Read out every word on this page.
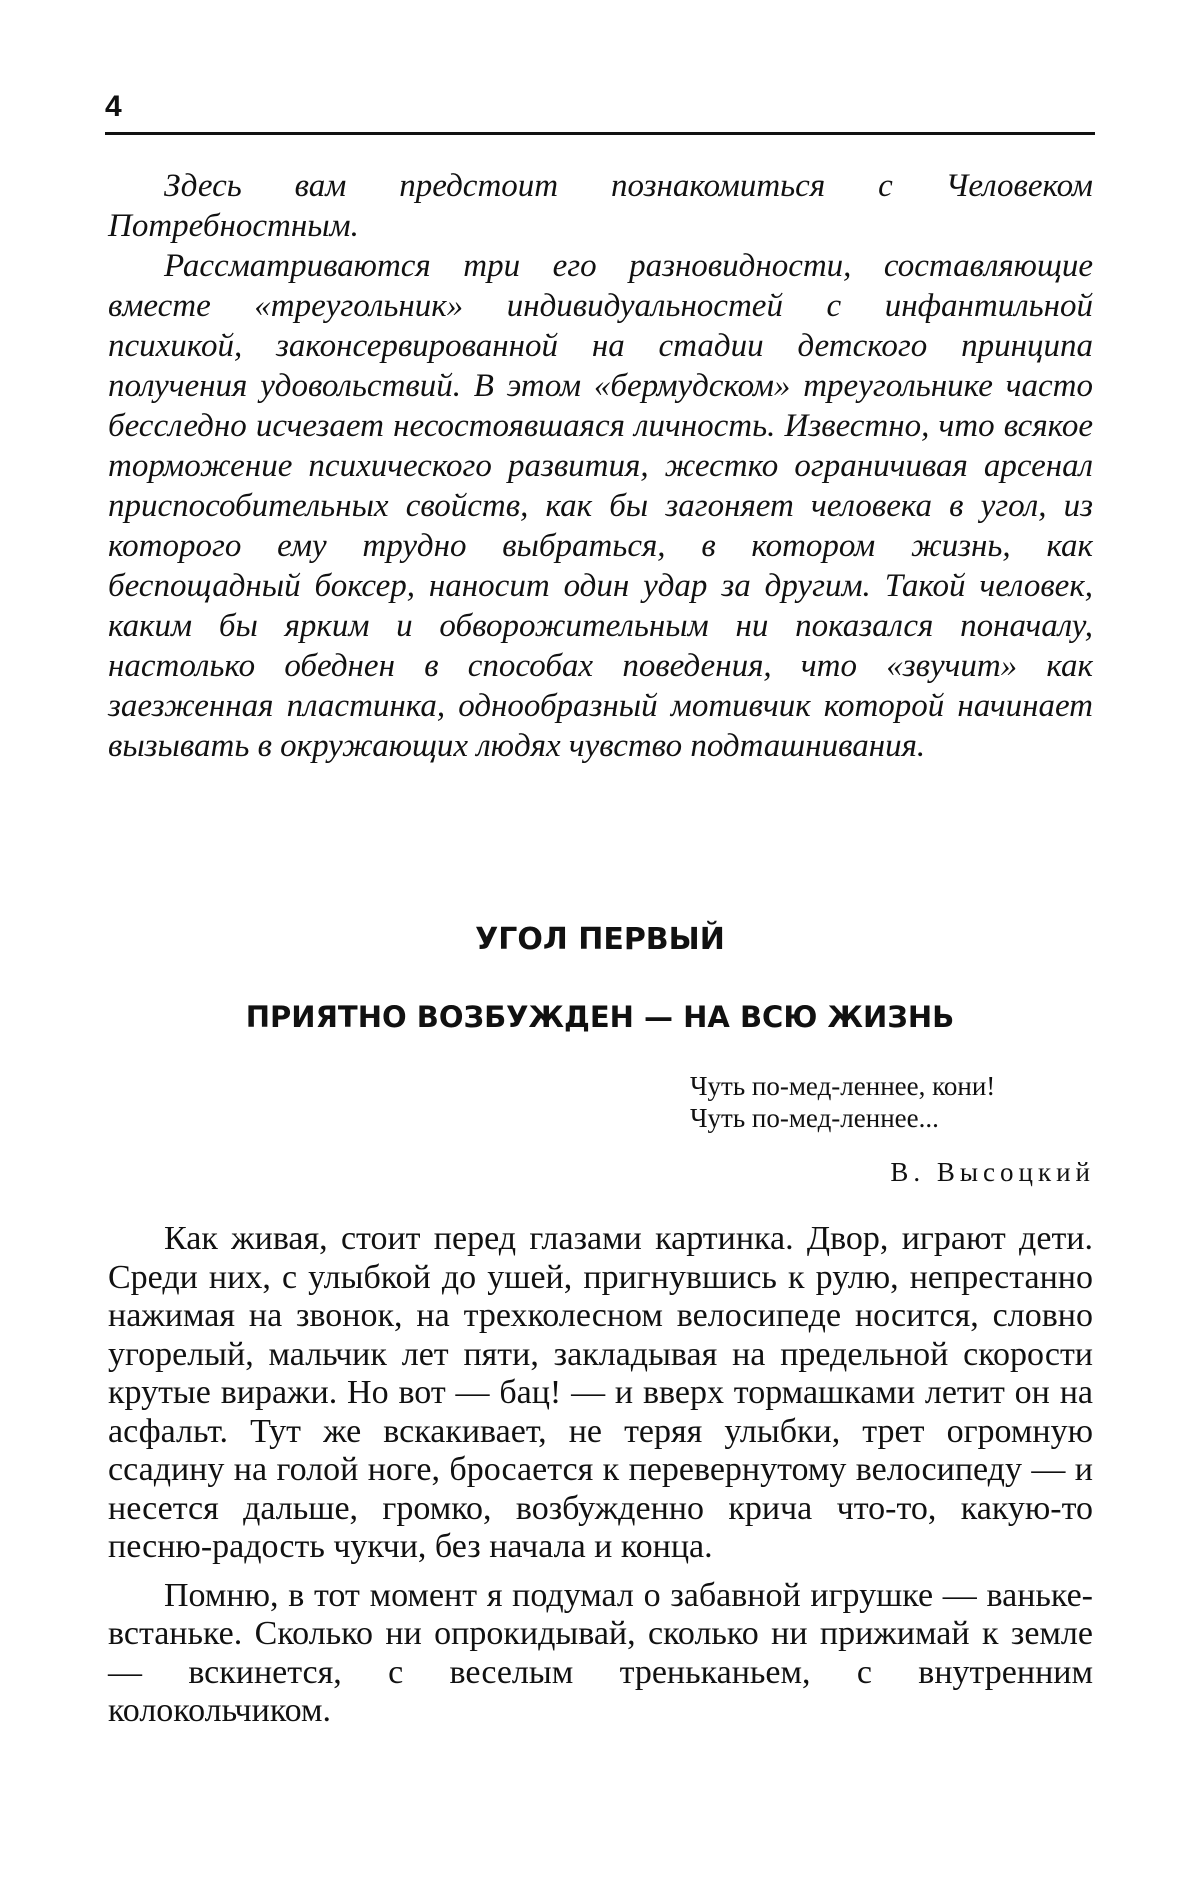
4

Здесь вам предстоит познакомиться с Человеком Потребностным.

Рассматриваются три его разновидности, составляющие вместе «треугольник» индивидуальностей с инфантильной психикой, законсервированной на стадии детского принципа получения удовольствий. В этом «бермудском» треугольнике часто бесследно исчезает несостоявшаяся личность. Известно, что всякое торможение психического развития, жестко ограничивая арсенал приспособительных свойств, как бы загоняет человека в угол, из которого ему трудно выбраться, в котором жизнь, как беспощадный боксер, наносит один удар за другим. Такой человек, каким бы ярким и обворожительным ни показался поначалу, настолько обеднен в способах поведения, что «звучит» как заезженная пластинка, однообразный мотивчик которой начинает вызывать в окружающих людях чувство подташнивания.

УГОЛ ПЕРВЫЙ
ПРИЯТНО ВОЗБУЖДЕН — НА ВСЮ ЖИЗНЬ
Чуть по-мед-леннее, кони!
Чуть по-мед-леннее...
В. Высоцкий

Как живая, стоит перед глазами картинка. Двор, играют дети. Среди них, с улыбкой до ушей, пригнувшись к рулю, непрестанно нажимая на звонок, на трехколесном велосипеде носится, словно угорелый, мальчик лет пяти, закладывая на предельной скорости крутые виражи. Но вот — бац! — и вверх тормашками летит он на асфальт. Тут же вскакивает, не теряя улыбки, трет огромную ссадину на голой ноге, бросается к перевернутому велосипеду — и несется дальше, громко, возбужденно крича что-то, какую-то песню-радость чукчи, без начала и конца.

Помню, в тот момент я подумал о забавной игрушке — ваньке-встаньке. Сколько ни опрокидывай, сколько ни прижимай к земле — вскинется, с веселым треньканьем, с внутренним колокольчиком.
